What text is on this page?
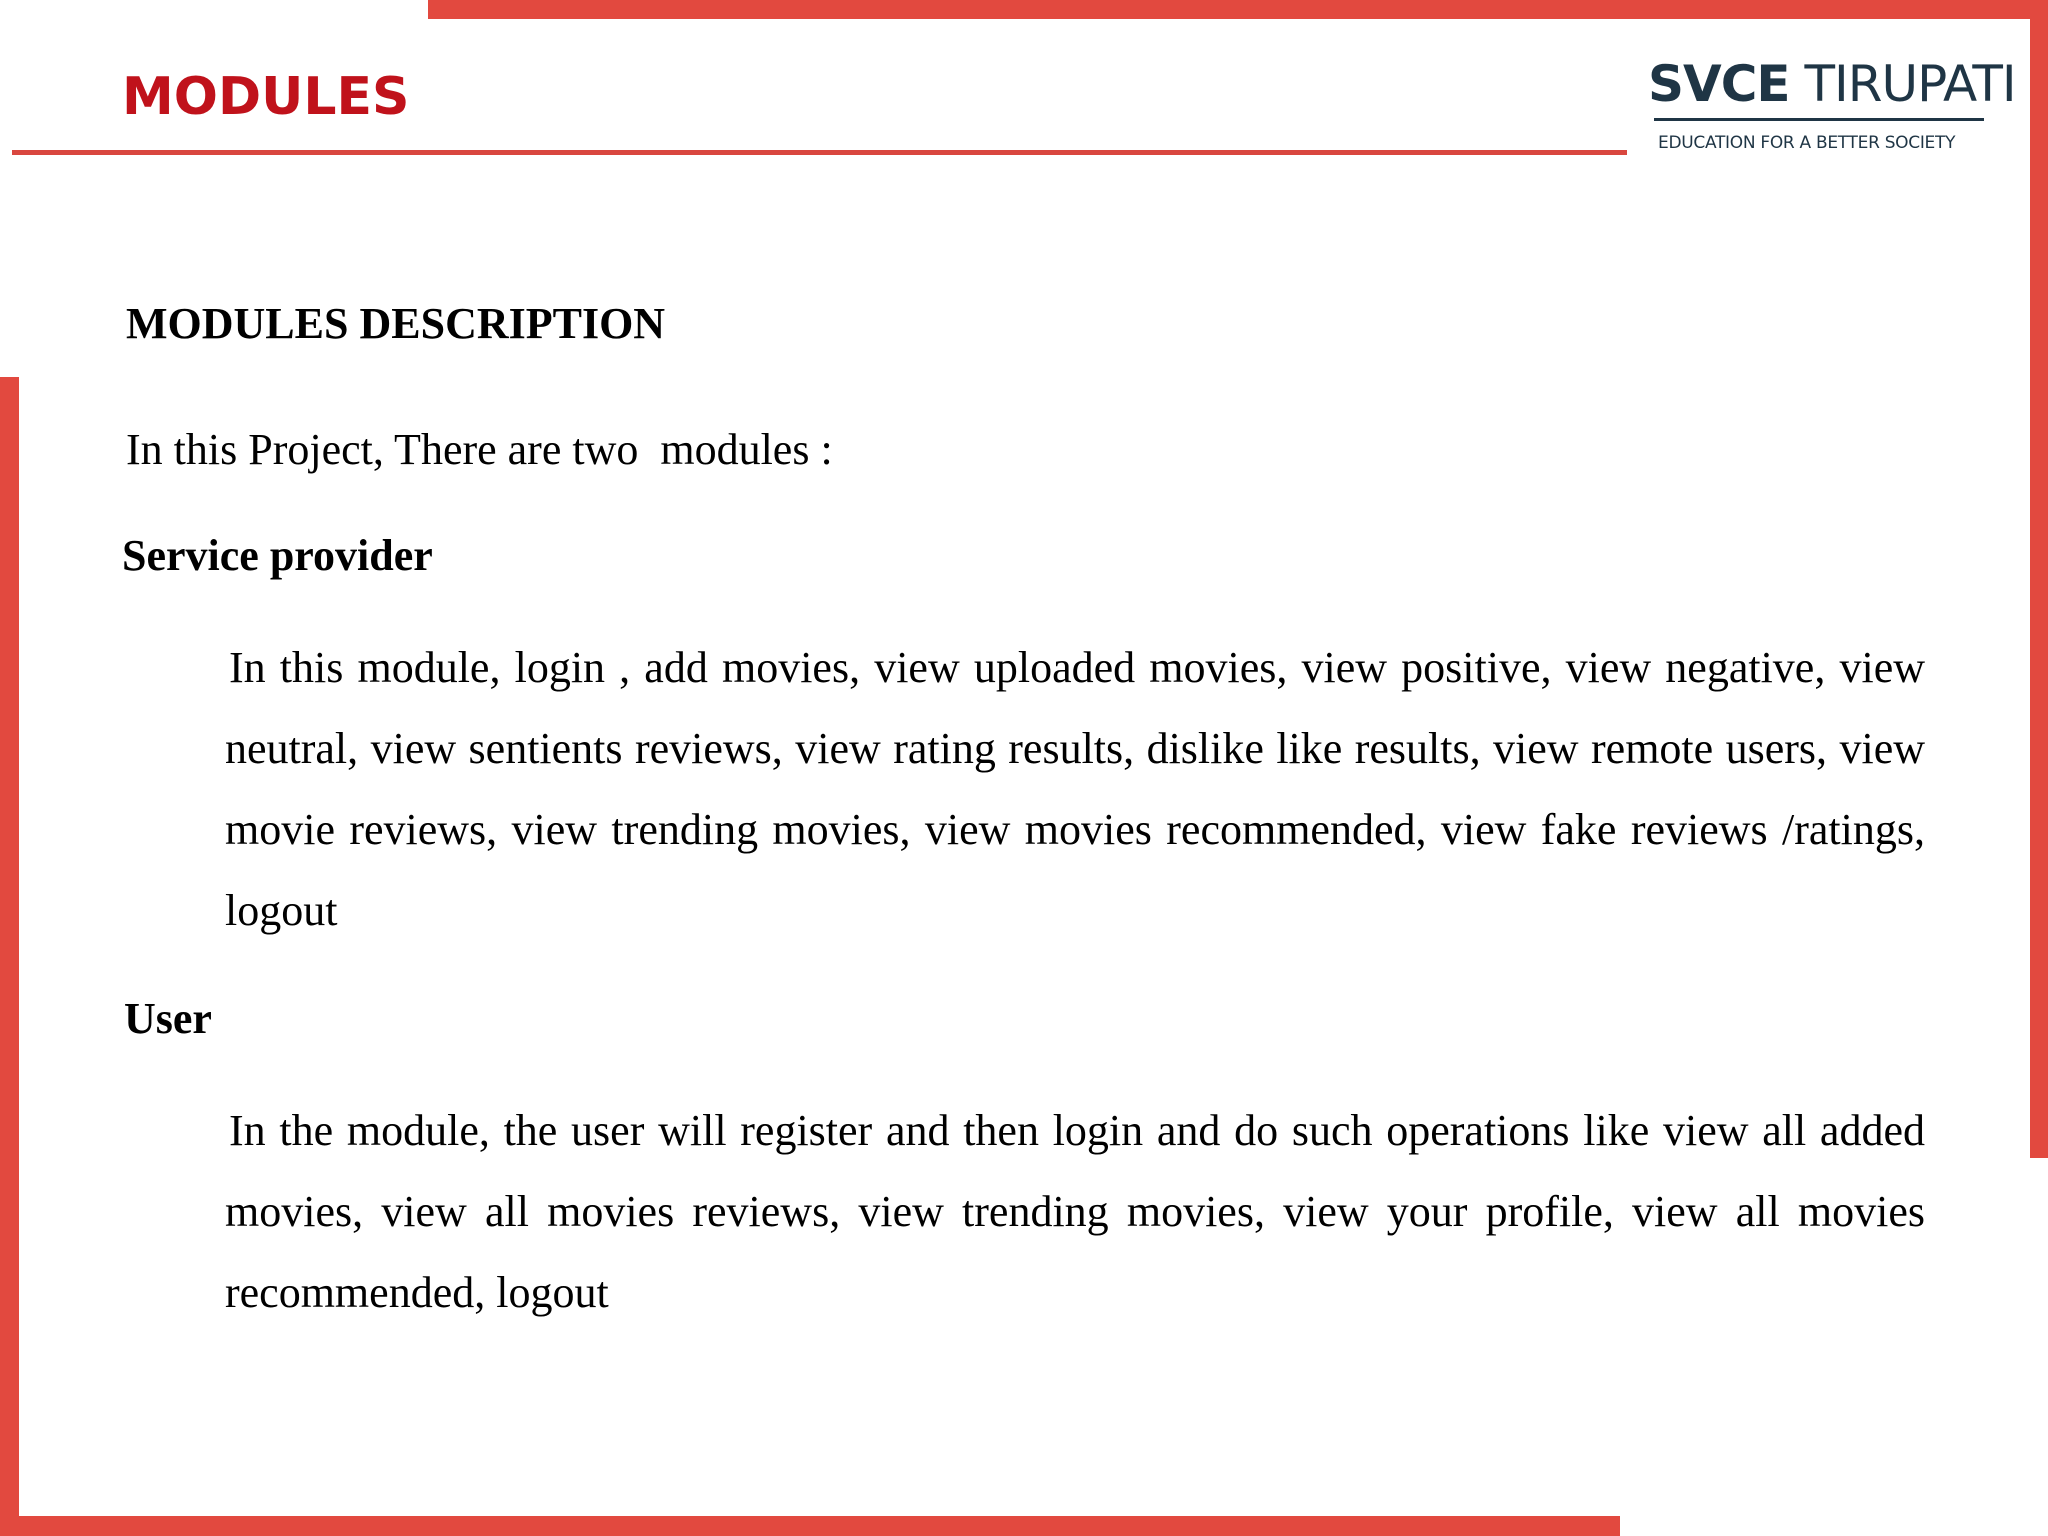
MODULES	SVCE TIRUPATI
EDUCATION FOR A BETTER SOCIETY
MODULES DESCRIPTION

In this Project, There are two  modules :

Service provider

In this module, login , add movies, view uploaded movies, view positive, view negative, view neutral, view sentients reviews, view rating results, dislike like results, view remote users, view movie reviews, view trending movies, view movies recommended, view fake reviews /ratings, logout

User

In the module, the user will register and then login and do such operations like view all added movies, view all movies reviews, view trending movies, view your profile, view all movies recommended, logout
